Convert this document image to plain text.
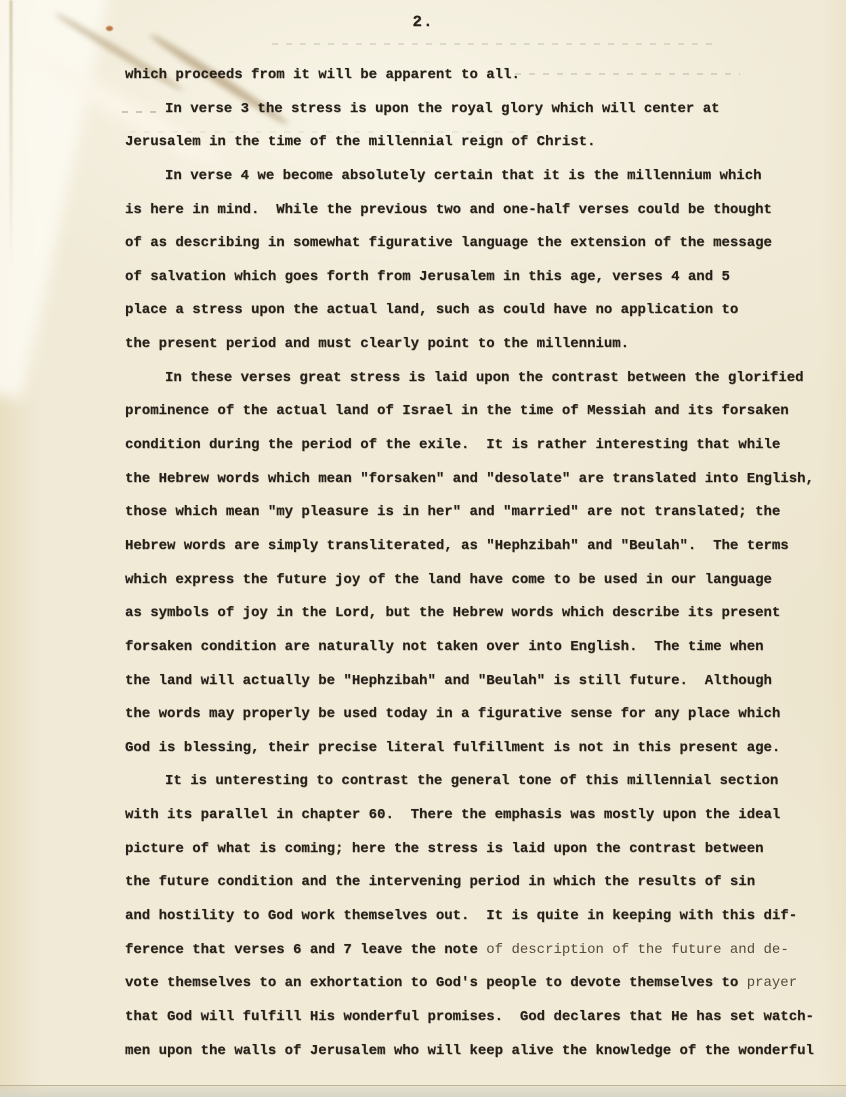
2.
which proceeds from it will be apparent to all.
In verse 3 the stress is upon the royal glory which will center at
Jerusalem in the time of the millennial reign of Christ.
In verse 4 we become absolutely certain that it is the millennium which
is here in mind.  While the previous two and one-half verses could be thought
of as describing in somewhat figurative language the extension of the message
of salvation which goes forth from Jerusalem in this age, verses 4 and 5
place a stress upon the actual land, such as could have no application to
the present period and must clearly point to the millennium.
In these verses great stress is laid upon the contrast between the glorified
prominence of the actual land of Israel in the time of Messiah and its forsaken
condition during the period of the exile.  It is rather interesting that while
the Hebrew words which mean "forsaken" and "desolate" are translated into English,
those which mean "my pleasure is in her" and "married" are not translated; the
Hebrew words are simply transliterated, as "Hephzibah" and "Beulah".  The terms
which express the future joy of the land have come to be used in our language
as symbols of joy in the Lord, but the Hebrew words which describe its present
forsaken condition are naturally not taken over into English.  The time when
the land will actually be "Hephzibah" and "Beulah" is still future.  Although
the words may properly be used today in a figurative sense for any place which
God is blessing, their precise literal fulfillment is not in this present age.
It is unteresting to contrast the general tone of this millennial section
with its parallel in chapter 60.  There the emphasis was mostly upon the ideal
picture of what is coming; here the stress is laid upon the contrast between
the future condition and the intervening period in which the results of sin
and hostility to God work themselves out.  It is quite in keeping with this dif-
ference that verses 6 and 7 leave the note of description of the future and de-
vote themselves to an exhortation to God's people to devote themselves to prayer
that God will fulfill His wonderful promises.  God declares that He has set watch-
men upon the walls of Jerusalem who will keep alive the knowledge of the wonderful
